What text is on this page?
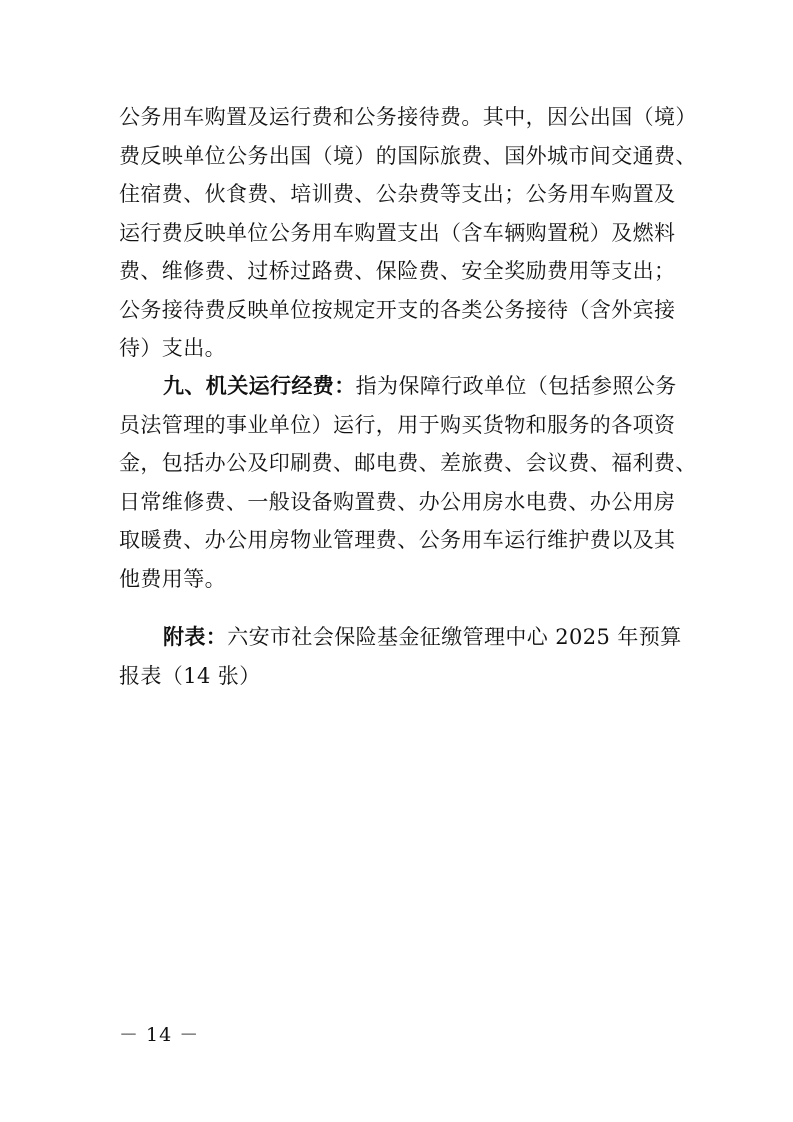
公务用车购置及运行费和公务接待费。其中，因公出国（境）
费反映单位公务出国（境）的国际旅费、国外城市间交通费、
住宿费、伙食费、培训费、公杂费等支出；公务用车购置及
运行费反映单位公务用车购置支出（含车辆购置税）及燃料
费、维修费、过桥过路费、保险费、安全奖励费用等支出；
公务接待费反映单位按规定开支的各类公务接待（含外宾接
待）支出。

九、机关运行经费：指为保障行政单位（包括参照公务
员法管理的事业单位）运行，用于购买货物和服务的各项资
金，包括办公及印刷费、邮电费、差旅费、会议费、福利费、
日常维修费、一般设备购置费、办公用房水电费、办公用房
取暖费、办公用房物业管理费、公务用车运行维护费以及其
他费用等。

附表：六安市社会保险基金征缴管理中心 2025 年预算
报表（14 张）

－ 14 －
